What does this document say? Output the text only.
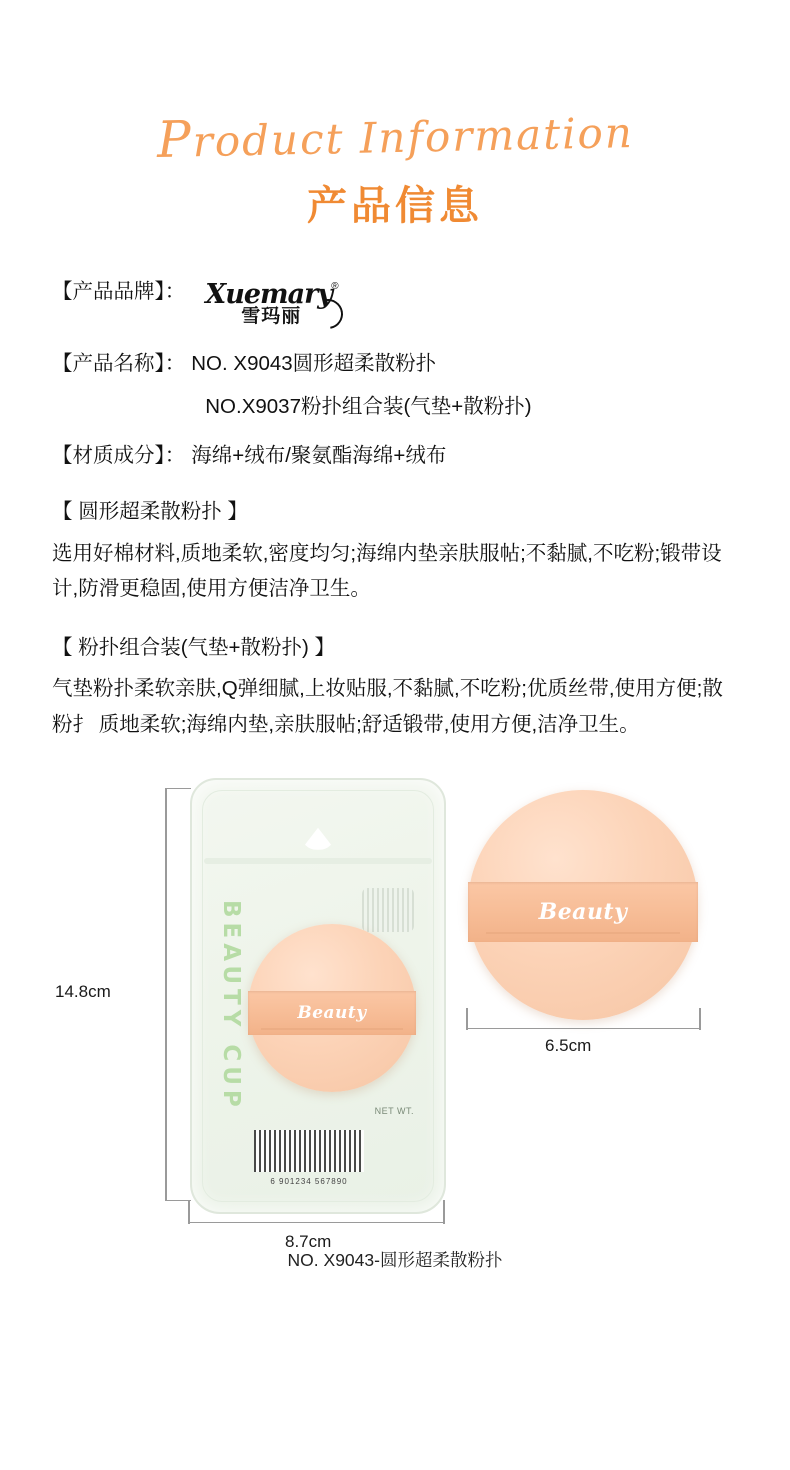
Product Information
产品信息
【产品品牌】： Xuemary ®
雪玛丽
【产品名称】： NO. X9043圆形超柔散粉扑
NO.X9037粉扑组合装(气垫+散粉扑)
【材质成分】： 海绵+绒布/聚氨酯海绵+绒布
【 圆形超柔散粉扑 】
选用好棉材料,质地柔软,密度均匀;海绵内垫亲肤服帖;不黏腻,不吃粉;锻带设计,防滑更稳固,使用方便洁净卫生。
【 粉扑组合装(气垫+散粉扑) 】
气垫粉扑柔软亲肤,Q弹细腻,上妆贴服,不黏腻,不吃粉;优质丝带,使用方便;散粉扌 质地柔软;海绵内垫,亲肤服帖;舒适锻带,使用方便,洁净卫生。
BEAUTY CUP	NET WT.
6 901234 567890
Beauty
Beauty
14.8cm
8.7cm
6.5cm
NO. X9043-圆形超柔散粉扑
